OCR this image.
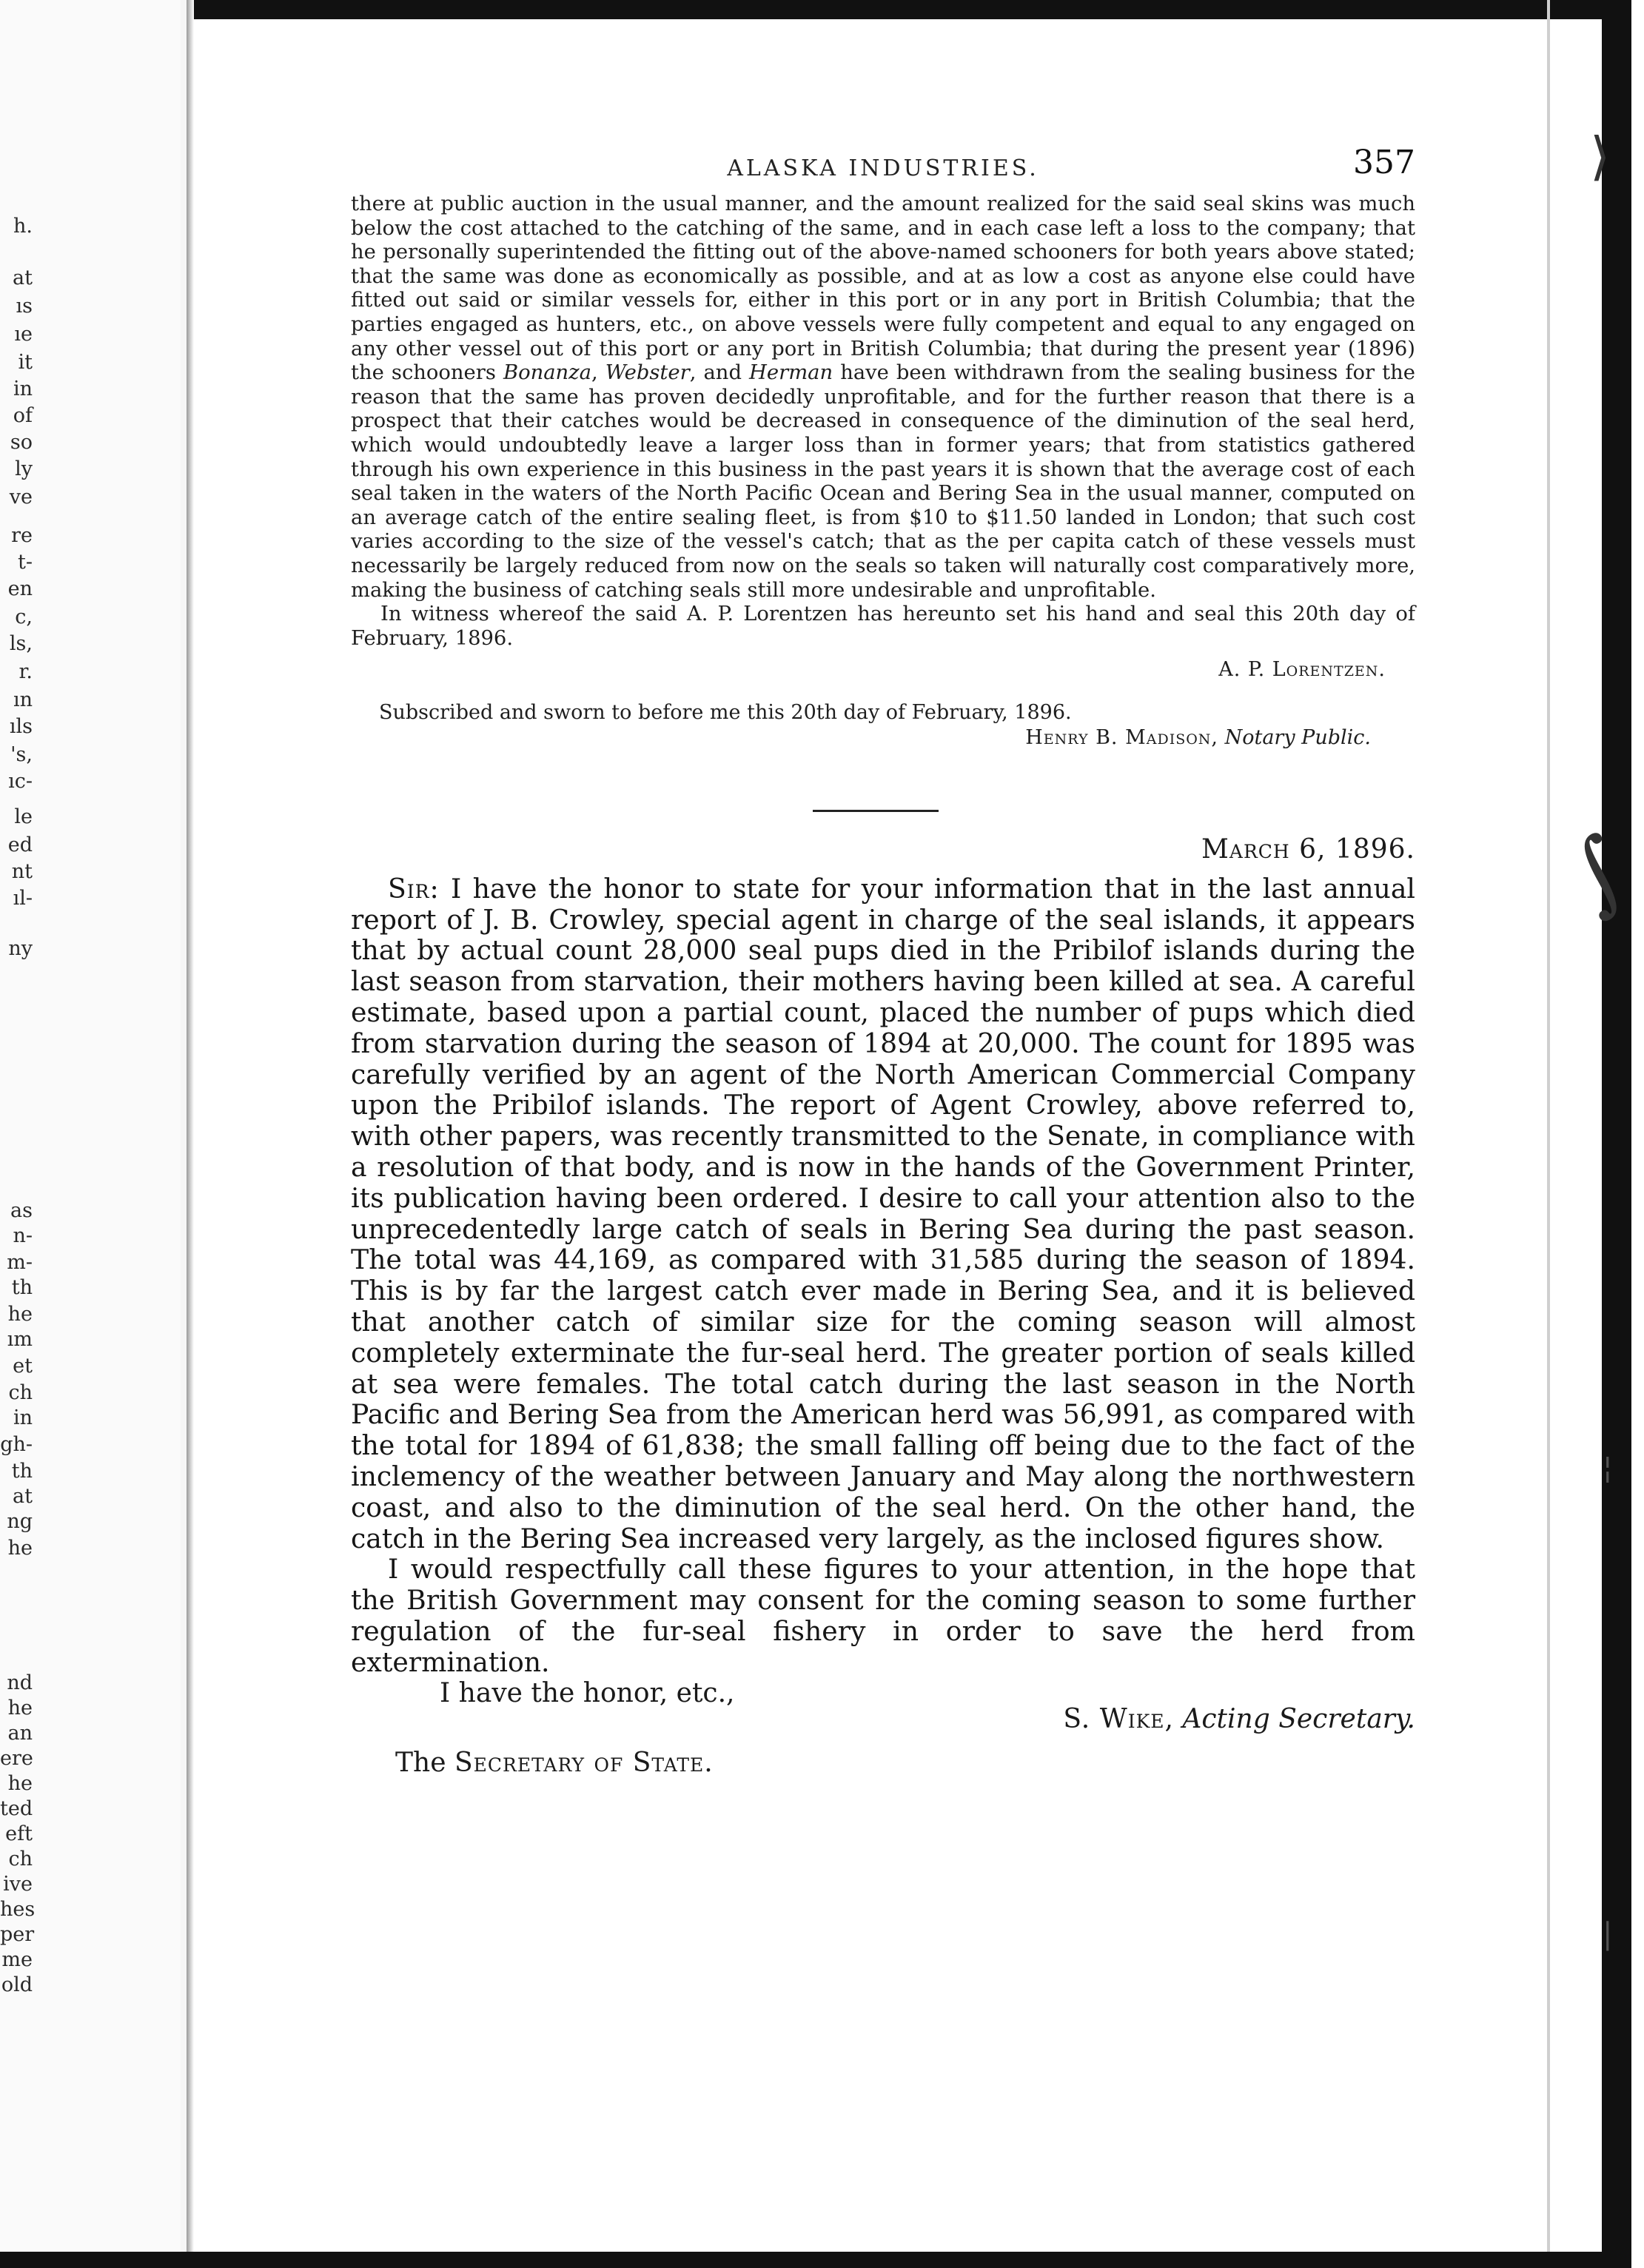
⟩
∫
¦
|
h.
at
ıs
ıe
it
in
of
so
ly
ve
re
t-
en
c,
ls,
r.
ın
ıls
's,
ıc-
le
ed
nt
ıl-
ny
as
n-
m-
th
he
ım
et
ch
in
gh-
th
at
ng
he
nd
he
an
ere
he
ted
eft
ch
ive
hes
per
me
old
ALASKA INDUSTRIES.	357

there at public auction in the usual manner, and the amount realized for the said seal skins was much below the cost attached to the catching of the same, and in each case left a loss to the company; that he personally superintended the fitting out of the above-named schooners for both years above stated; that the same was done as economically as possible, and at as low a cost as anyone else could have fitted out said or similar vessels for, either in this port or in any port in British Columbia; that the parties engaged as hunters, etc., on above vessels were fully competent and equal to any engaged on any other vessel out of this port or any port in British Columbia; that during the present year (1896) the schooners Bonanza, Webster, and Herman have been withdrawn from the sealing business for the reason that the same has proven decidedly unprofitable, and for the further reason that there is a prospect that their catches would be decreased in consequence of the diminution of the seal herd, which would undoubtedly leave a larger loss than in former years; that from statistics gathered through his own experience in this business in the past years it is shown that the average cost of each seal taken in the waters of the North Pacific Ocean and Bering Sea in the usual manner, computed on an average catch of the entire sealing fleet, is from $10 to $11.50 landed in London; that such cost varies according to the size of the vessel's catch; that as the per capita catch of these vessels must necessarily be largely reduced from now on the seals so taken will naturally cost comparatively more, making the business of catching seals still more undesirable and unprofitable.

In witness whereof the said A. P. Lorentzen has hereunto set his hand and seal this 20th day of February, 1896.

A. P. Lorentzen.
Subscribed and sworn to before me this 20th day of February, 1896.
Henry B. Madison, Notary Public.
March 6, 1896.

Sir: I have the honor to state for your information that in the last annual report of J. B. Crowley, special agent in charge of the seal islands, it appears that by actual count 28,000 seal pups died in the Pribilof islands during the last season from starvation, their mothers having been killed at sea. A careful estimate, based upon a partial count, placed the number of pups which died from starvation during the season of 1894 at 20,000. The count for 1895 was carefully verified by an agent of the North American Commercial Company upon the Pribilof islands. The report of Agent Crowley, above referred to, with other papers, was recently transmitted to the Senate, in compliance with a resolution of that body, and is now in the hands of the Government Printer, its publication having been ordered. I desire to call your attention also to the unprecedentedly large catch of seals in Bering Sea during the past season. The total was 44,169, as compared with 31,585 during the season of 1894. This is by far the largest catch ever made in Bering Sea, and it is believed that another catch of similar size for the coming season will almost completely exterminate the fur-seal herd. The greater portion of seals killed at sea were females. The total catch during the last season in the North Pacific and Bering Sea from the American herd was 56,991, as compared with the total for 1894 of 61,838; the small falling off being due to the fact of the inclemency of the weather between January and May along the northwestern coast, and also to the diminution of the seal herd. On the other hand, the catch in the Bering Sea increased very largely, as the inclosed figures show.

I would respectfully call these figures to your attention, in the hope that the British Government may consent for the coming season to some further regulation of the fur-seal fishery in order to save the herd from extermination.

I have the honor, etc.,
S. Wike, Acting Secretary.
The Secretary of State.
